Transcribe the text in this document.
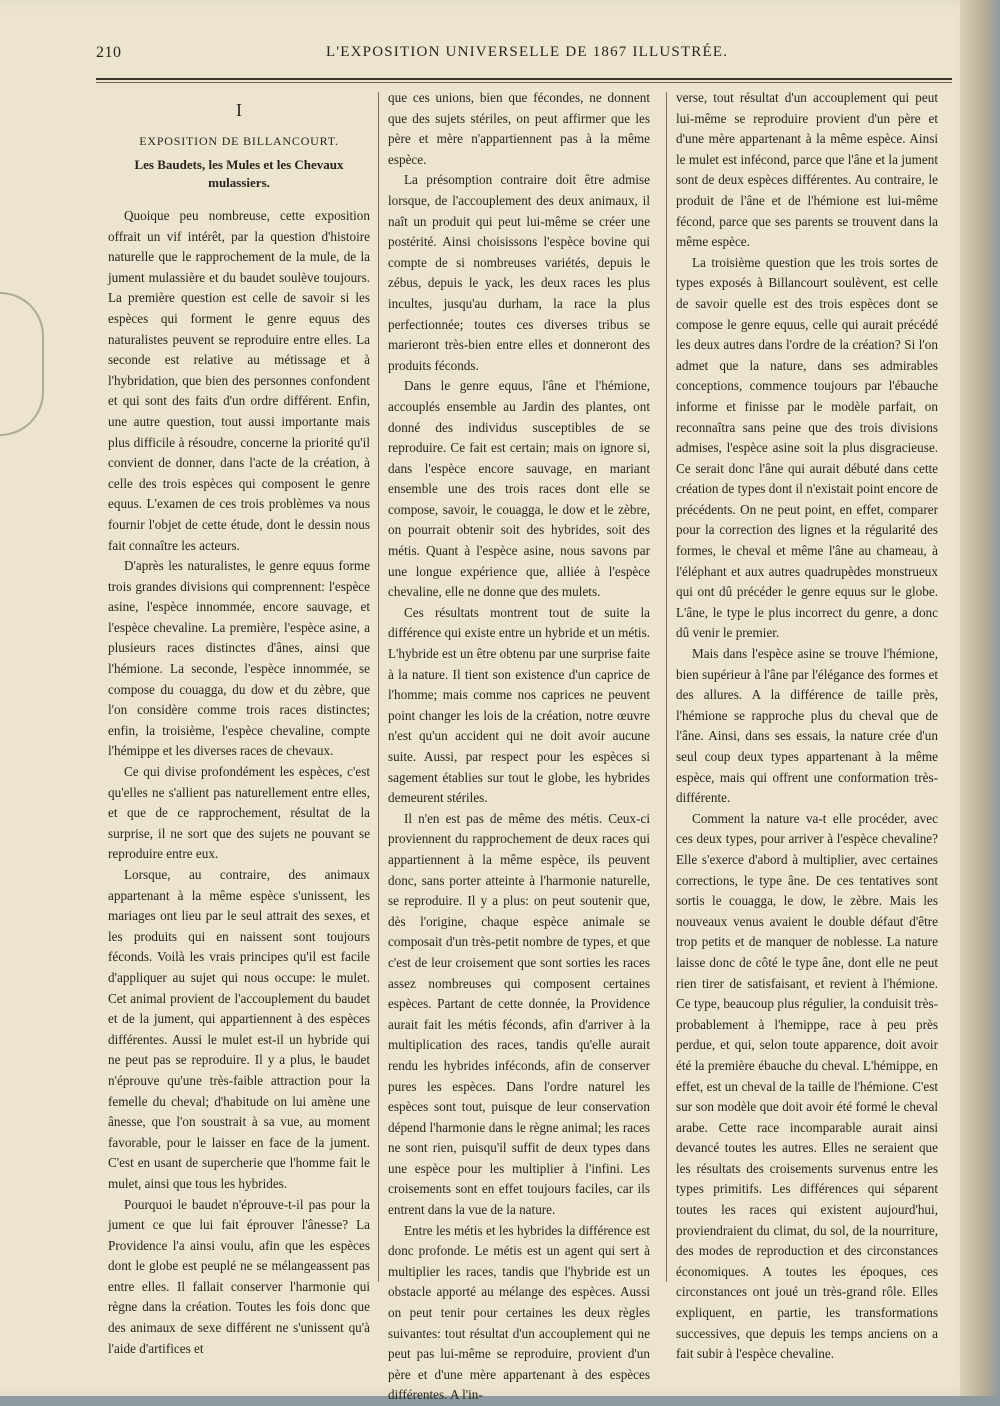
210	L'EXPOSITION UNIVERSELLE DE 1867 ILLUSTRÉE.
I
EXPOSITION DE BILLANCOURT.
Les Baudets, les Mules et les Chevaux mulassiers.

Quoique peu nombreuse, cette exposition offrait un vif intérêt, par la question d'histoire naturelle que le rapprochement de la mule, de la jument mulassière et du baudet soulève toujours. La première question est celle de savoir si les espèces qui forment le genre equus des naturalistes peuvent se reproduire entre elles. La seconde est relative au métissage et à l'hybridation, que bien des personnes confondent et qui sont des faits d'un ordre différent. Enfin, une autre question, tout aussi importante mais plus difficile à résoudre, concerne la priorité qu'il convient de donner, dans l'acte de la création, à celle des trois espèces qui composent le genre equus. L'examen de ces trois problèmes va nous fournir l'objet de cette étude, dont le dessin nous fait connaître les acteurs.

D'après les naturalistes, le genre equus forme trois grandes divisions qui comprennent: l'espèce asine, l'espèce innommée, encore sauvage, et l'espèce chevaline. La première, l'espèce asine, a plusieurs races distinctes d'ânes, ainsi que l'hémione. La seconde, l'espèce innommée, se compose du couagga, du dow et du zèbre, que l'on considère comme trois races distinctes; enfin, la troisième, l'espèce chevaline, compte l'hémippe et les diverses races de chevaux.

Ce qui divise profondément les espèces, c'est qu'elles ne s'allient pas naturellement entre elles, et que de ce rapprochement, résultat de la surprise, il ne sort que des sujets ne pouvant se reproduire entre eux.

Lorsque, au contraire, des animaux appartenant à la même espèce s'unissent, les mariages ont lieu par le seul attrait des sexes, et les produits qui en naissent sont toujours féconds. Voilà les vrais principes qu'il est facile d'appliquer au sujet qui nous occupe: le mulet. Cet animal provient de l'accouplement du baudet et de la jument, qui appartiennent à des espèces différentes. Aussi le mulet est-il un hybride qui ne peut pas se reproduire. Il y a plus, le baudet n'éprouve qu'une très-faible attraction pour la femelle du cheval; d'habitude on lui amène une ânesse, que l'on soustrait à sa vue, au moment favorable, pour le laisser en face de la jument. C'est en usant de supercherie que l'homme fait le mulet, ainsi que tous les hybrides.

Pourquoi le baudet n'éprouve-t-il pas pour la jument ce que lui fait éprouver l'ânesse? La Providence l'a ainsi voulu, afin que les espèces dont le globe est peuplé ne se mélangeassent pas entre elles. Il fallait conserver l'harmonie qui règne dans la création. Toutes les fois donc que des animaux de sexe différent ne s'unissent qu'à l'aide d'artifices et

que ces unions, bien que fécondes, ne donnent que des sujets stériles, on peut affirmer que les père et mère n'appartiennent pas à la même espèce.

La présomption contraire doit être admise lorsque, de l'accouplement des deux animaux, il naît un produit qui peut lui-même se créer une postérité. Ainsi choisissons l'espèce bovine qui compte de si nombreuses variétés, depuis le zébus, depuis le yack, les deux races les plus incultes, jusqu'au durham, la race la plus perfectionnée; toutes ces diverses tribus se marieront très-bien entre elles et donneront des produits féconds.

Dans le genre equus, l'âne et l'hémione, accouplés ensemble au Jardin des plantes, ont donné des individus susceptibles de se reproduire. Ce fait est certain; mais on ignore si, dans l'espèce encore sauvage, en mariant ensemble une des trois races dont elle se compose, savoir, le couagga, le dow et le zèbre, on pourrait obtenir soit des hybrides, soit des métis. Quant à l'espèce asine, nous savons par une longue expérience que, alliée à l'espèce chevaline, elle ne donne que des mulets.

Ces résultats montrent tout de suite la différence qui existe entre un hybride et un métis. L'hybride est un être obtenu par une surprise faite à la nature. Il tient son existence d'un caprice de l'homme; mais comme nos caprices ne peuvent point changer les lois de la création, notre œuvre n'est qu'un accident qui ne doit avoir aucune suite. Aussi, par respect pour les espèces si sagement établies sur tout le globe, les hybrides demeurent stériles.

Il n'en est pas de même des métis. Ceux-ci proviennent du rapprochement de deux races qui appartiennent à la même espèce, ils peuvent donc, sans porter atteinte à l'harmonie naturelle, se reproduire. Il y a plus: on peut soutenir que, dès l'origine, chaque espèce animale se composait d'un très-petit nombre de types, et que c'est de leur croisement que sont sorties les races assez nombreuses qui composent certaines espèces. Partant de cette donnée, la Providence aurait fait les métis féconds, afin d'arriver à la multiplication des races, tandis qu'elle aurait rendu les hybrides inféconds, afin de conserver pures les espèces. Dans l'ordre naturel les espèces sont tout, puisque de leur conservation dépend l'harmonie dans le règne animal; les races ne sont rien, puisqu'il suffit de deux types dans une espèce pour les multiplier à l'infini. Les croisements sont en effet toujours faciles, car ils entrent dans la vue de la nature.

Entre les métis et les hybrides la différence est donc profonde. Le métis est un agent qui sert à multiplier les races, tandis que l'hybride est un obstacle apporté au mélange des espèces. Aussi on peut tenir pour certaines les deux règles suivantes: tout résultat d'un accouplement qui ne peut pas lui-même se reproduire, provient d'un père et d'une mère appartenant à des espèces différentes. A l'in-

verse, tout résultat d'un accouplement qui peut lui-même se reproduire provient d'un père et d'une mère appartenant à la même espèce. Ainsi le mulet est infécond, parce que l'âne et la jument sont de deux espèces différentes. Au contraire, le produit de l'âne et de l'hémione est lui-même fécond, parce que ses parents se trouvent dans la même espèce.

La troisième question que les trois sortes de types exposés à Billancourt soulèvent, est celle de savoir quelle est des trois espèces dont se compose le genre equus, celle qui aurait précédé les deux autres dans l'ordre de la création? Si l'on admet que la nature, dans ses admirables conceptions, commence toujours par l'ébauche informe et finisse par le modèle parfait, on reconnaîtra sans peine que des trois divisions admises, l'espèce asine soit la plus disgracieuse. Ce serait donc l'âne qui aurait débuté dans cette création de types dont il n'existait point encore de précédents. On ne peut point, en effet, comparer pour la correction des lignes et la régularité des formes, le cheval et même l'âne au chameau, à l'éléphant et aux autres quadrupèdes monstrueux qui ont dû précéder le genre equus sur le globe. L'âne, le type le plus incorrect du genre, a donc dû venir le premier.

Mais dans l'espèce asine se trouve l'hémione, bien supérieur à l'âne par l'élégance des formes et des allures. A la différence de taille près, l'hémione se rapproche plus du cheval que de l'âne. Ainsi, dans ses essais, la nature crée d'un seul coup deux types appartenant à la même espèce, mais qui offrent une conformation très-différente.

Comment la nature va-t elle procéder, avec ces deux types, pour arriver à l'espèce chevaline? Elle s'exerce d'abord à multiplier, avec certaines corrections, le type âne. De ces tentatives sont sortis le couagga, le dow, le zèbre. Mais les nouveaux venus avaient le double défaut d'être trop petits et de manquer de noblesse. La nature laisse donc de côté le type âne, dont elle ne peut rien tirer de satisfaisant, et revient à l'hémione. Ce type, beaucoup plus régulier, la conduisit très-probablement à l'hemippe, race à peu près perdue, et qui, selon toute apparence, doit avoir été la première ébauche du cheval. L'hémippe, en effet, est un cheval de la taille de l'hémione. C'est sur son modèle que doit avoir été formé le cheval arabe. Cette race incomparable aurait ainsi devancé toutes les autres. Elles ne seraient que les résultats des croisements survenus entre les types primitifs. Les différences qui séparent toutes les races qui existent aujourd'hui, proviendraient du climat, du sol, de la nourriture, des modes de reproduction et des circonstances économiques. A toutes les époques, ces circonstances ont joué un très-grand rôle. Elles expliquent, en partie, les transformations successives, que depuis les temps anciens on a fait subir à l'espèce chevaline.
